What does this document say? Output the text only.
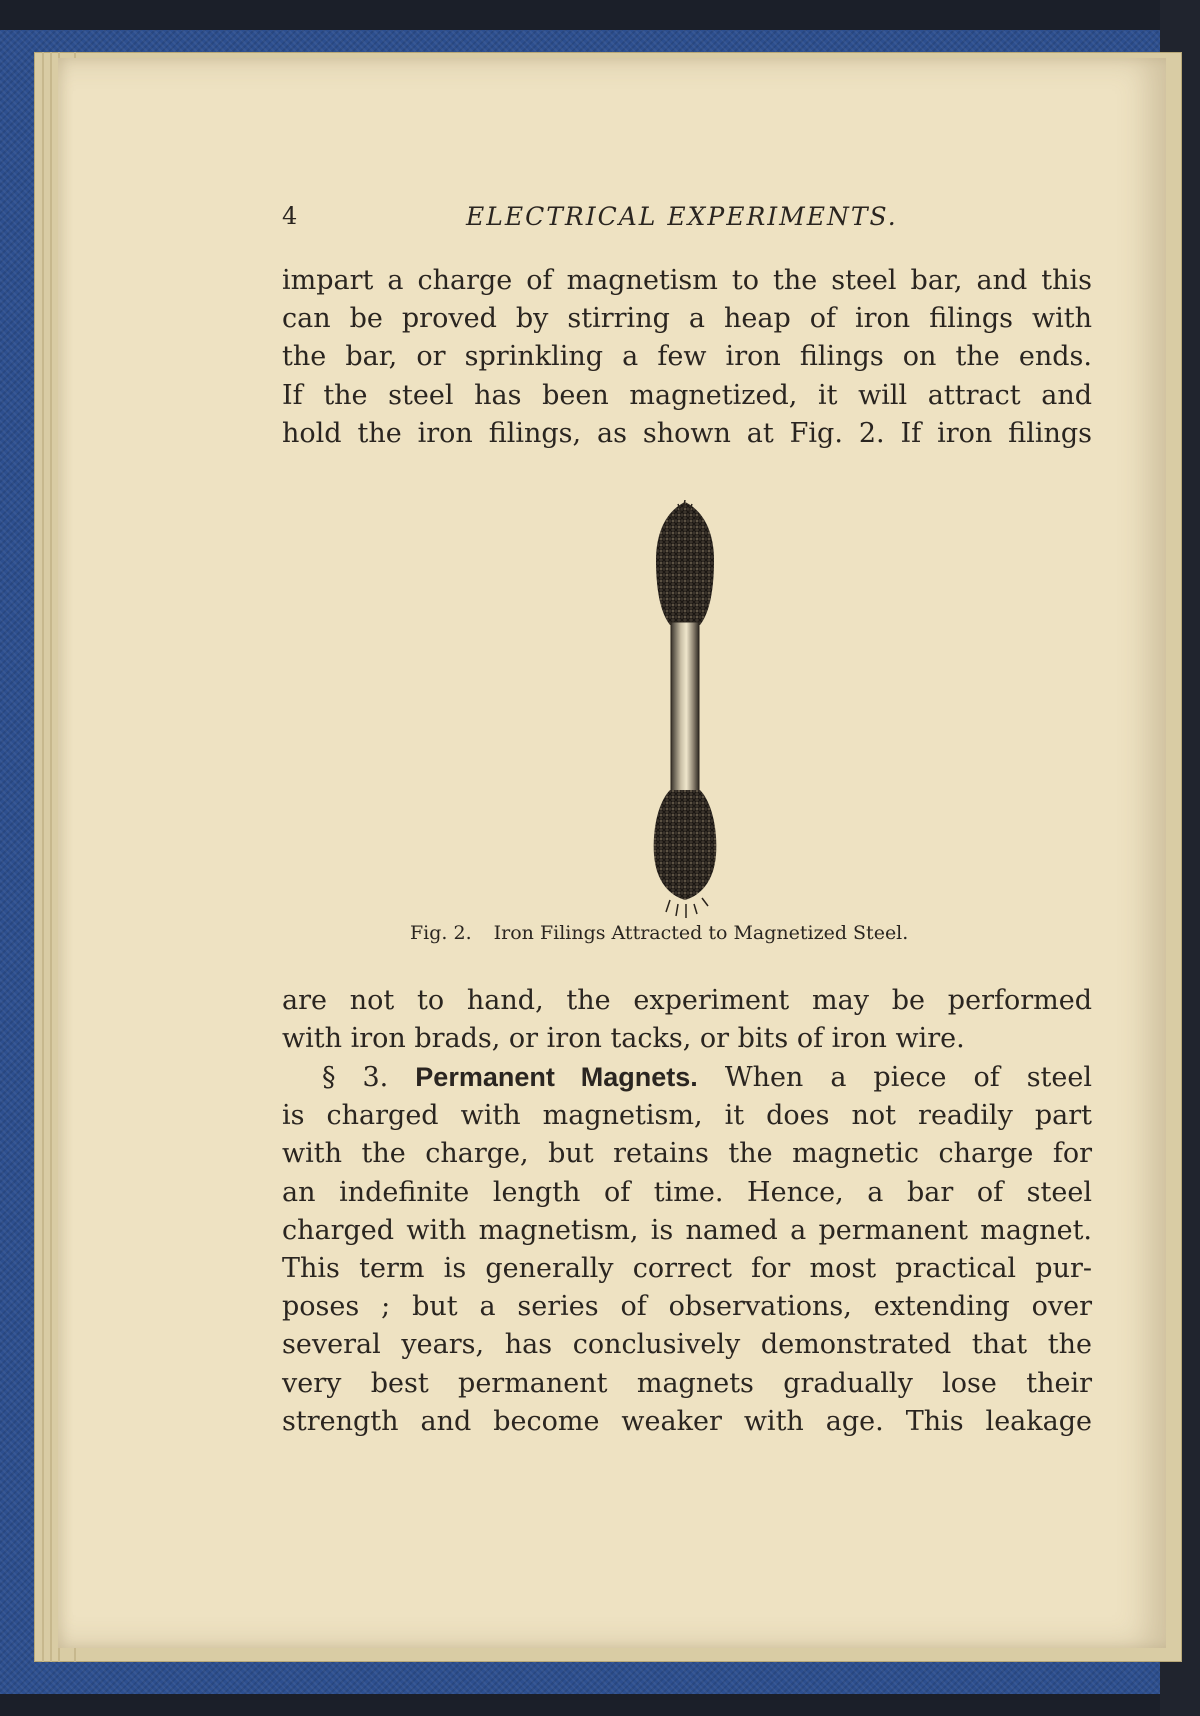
4	ELECTRICAL EXPERIMENTS.
impart a charge of magnetism to the steel bar, and this
can be proved by stirring a heap of iron filings with
the bar, or sprinkling a few iron filings on the ends.
If the steel has been magnetized, it will attract and
hold the iron filings, as shown at Fig. 2. If iron filings
Fig. 2. Iron Filings Attracted to Magnetized Steel.
are not to hand, the experiment may be performed
with iron brads, or iron tacks, or bits of iron wire.
§ 3. Permanent Magnets. When a piece of steel
is charged with magnetism, it does not readily part
with the charge, but retains the magnetic charge for
an indefinite length of time. Hence, a bar of steel
charged with magnetism, is named a permanent magnet.
This term is generally correct for most practical pur-
poses ; but a series of observations, extending over
several years, has conclusively demonstrated that the
very best permanent magnets gradually lose their
strength and become weaker with age. This leakage
